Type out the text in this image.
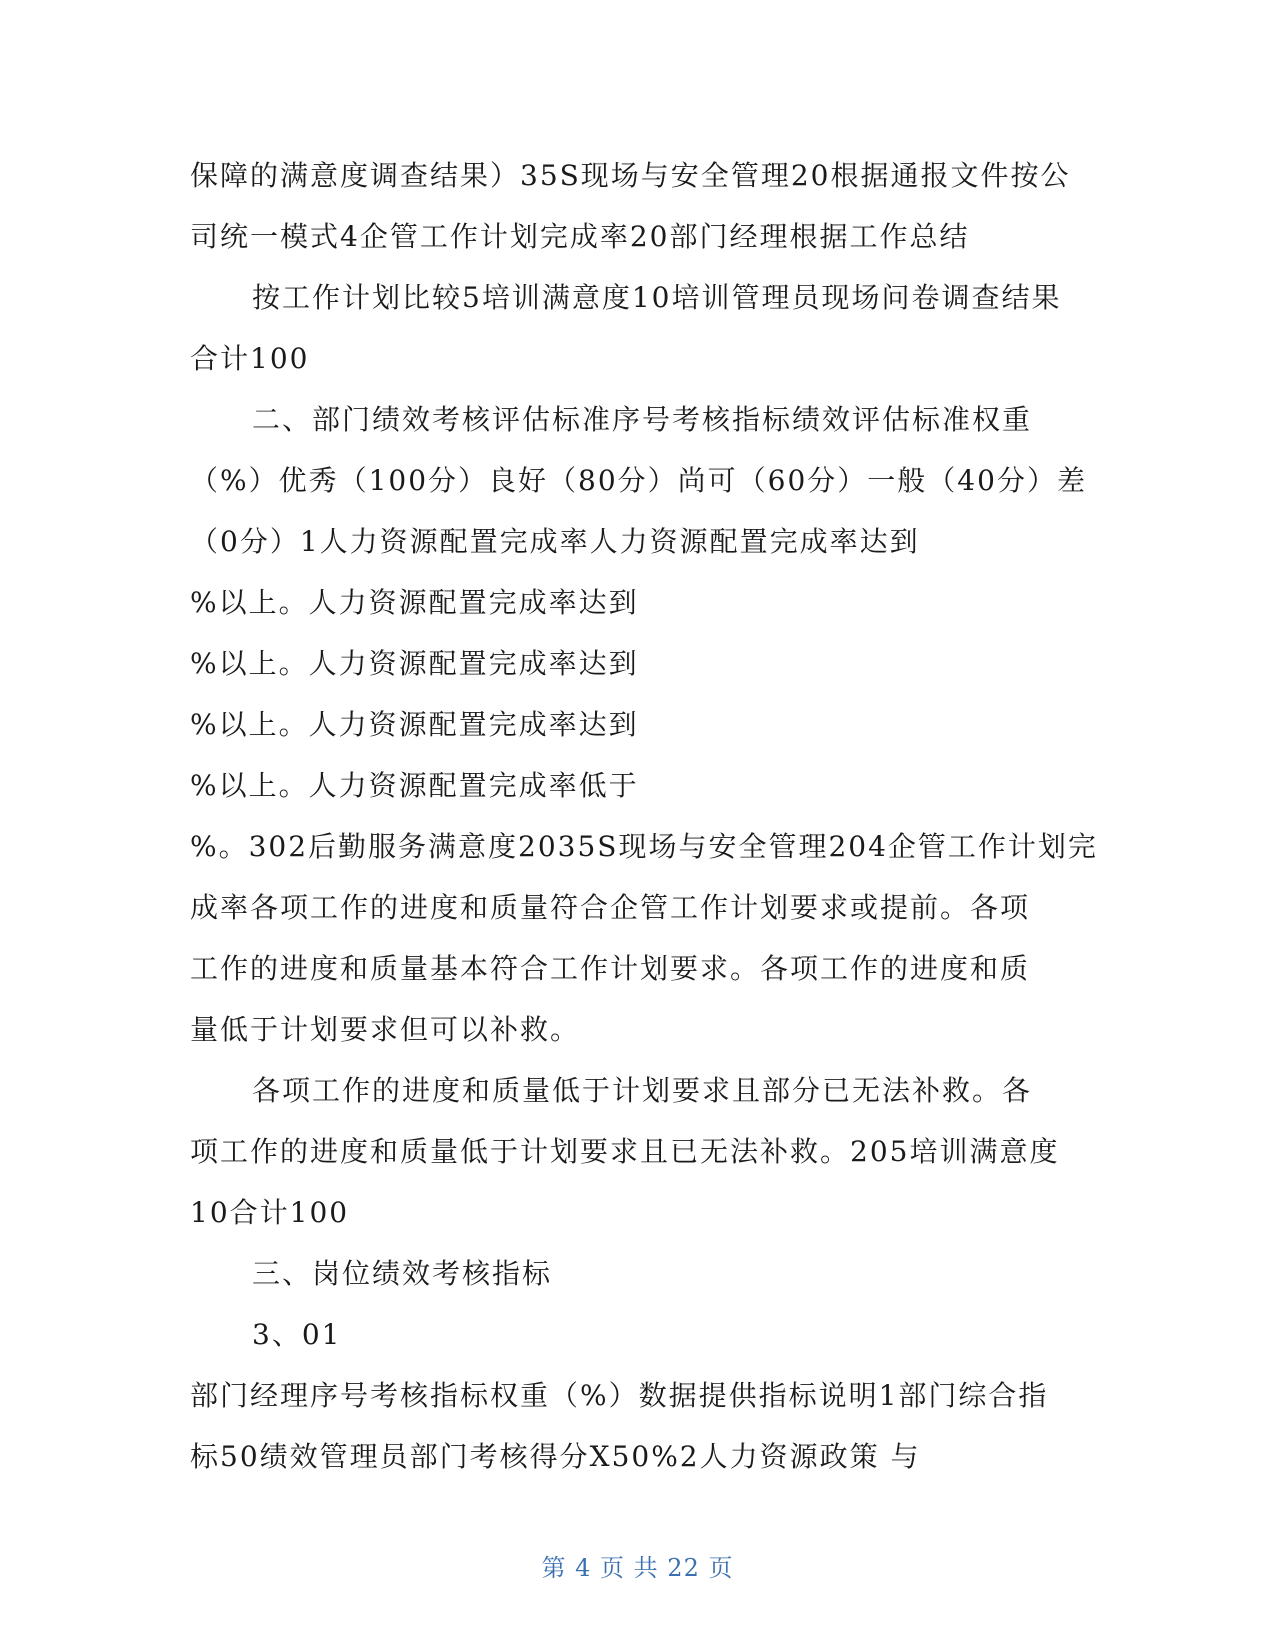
保障的满意度调查结果）35S现场与安全管理20根据通报文件按公
司统一模式4企管工作计划完成率20部门经理根据工作总结
按工作计划比较5培训满意度10培训管理员现场问卷调查结果
合计100
二、部门绩效考核评估标准序号考核指标绩效评估标准权重
（%）优秀（100分）良好（80分）尚可（60分）一般（40分）差
（0分）1人力资源配置完成率人力资源配置完成率达到
%以上。人力资源配置完成率达到
%以上。人力资源配置完成率达到
%以上。人力资源配置完成率达到
%以上。人力资源配置完成率低于
%。302后勤服务满意度2035S现场与安全管理204企管工作计划完
成率各项工作的进度和质量符合企管工作计划要求或提前。各项
工作的进度和质量基本符合工作计划要求。各项工作的进度和质
量低于计划要求但可以补救。
各项工作的进度和质量低于计划要求且部分已无法补救。各
项工作的进度和质量低于计划要求且已无法补救。205培训满意度
10合计100
三、岗位绩效考核指标
3、01
部门经理序号考核指标权重（%）数据提供指标说明1部门综合指
标50绩效管理员部门考核得分X50%2人力资源政策 与
第 4 页 共 22 页
